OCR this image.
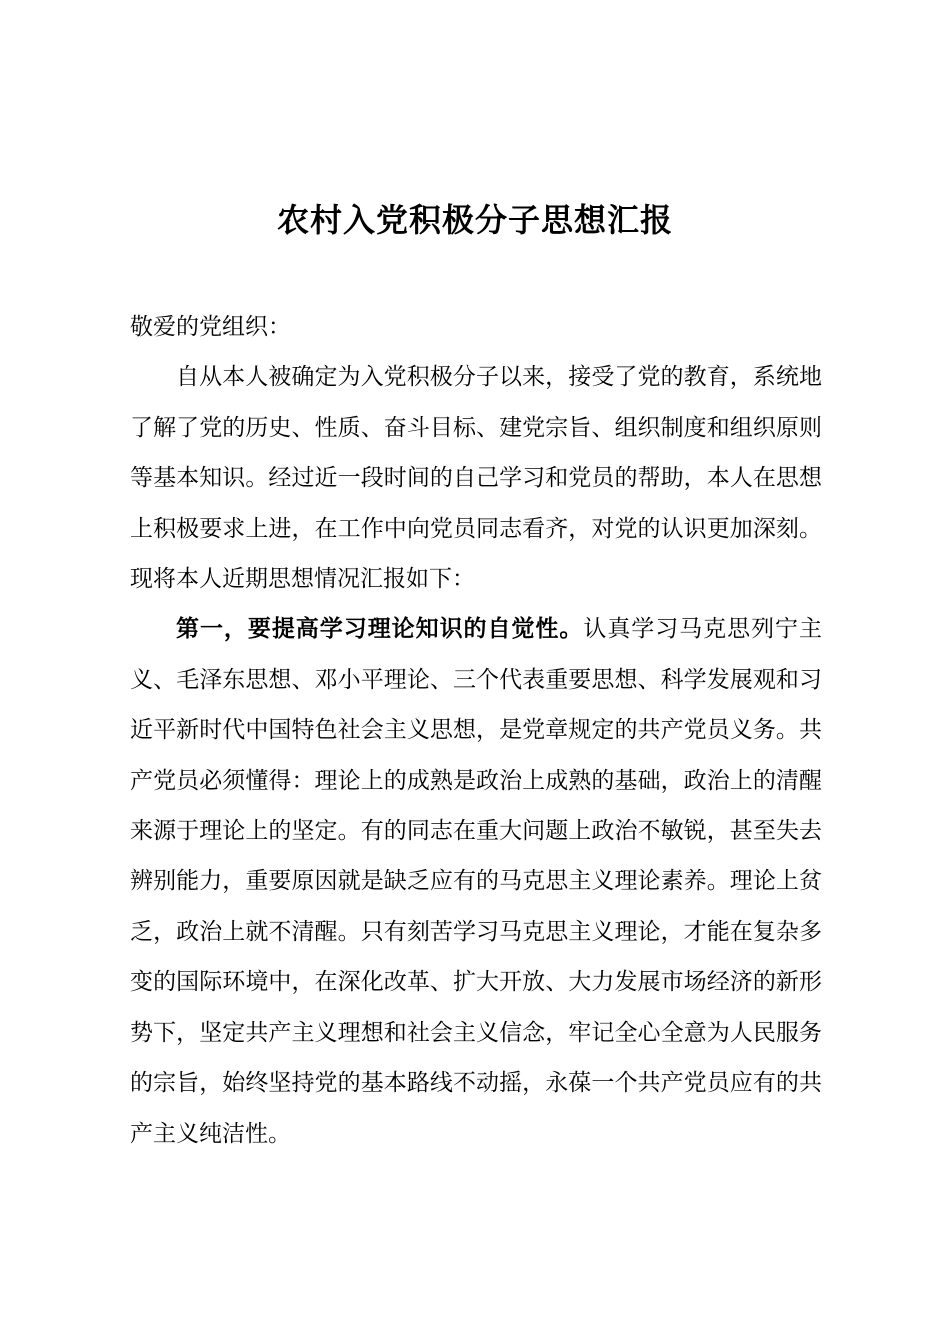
农村入党积极分子思想汇报

敬爱的党组织：

自从本人被确定为入党积极分子以来，接受了党的教育，系统地了解了党的历史、性质、奋斗目标、建党宗旨、组织制度和组织原则等基本知识。经过近一段时间的自己学习和党员的帮助，本人在思想上积极要求上进，在工作中向党员同志看齐，对党的认识更加深刻。现将本人近期思想情况汇报如下：

第一，要提高学习理论知识的自觉性。认真学习马克思列宁主义、毛泽东思想、邓小平理论、三个代表重要思想、科学发展观和习近平新时代中国特色社会主义思想，是党章规定的共产党员义务。共产党员必须懂得：理论上的成熟是政治上成熟的基础，政治上的清醒来源于理论上的坚定。有的同志在重大问题上政治不敏锐，甚至失去辨别能力，重要原因就是缺乏应有的马克思主义理论素养。理论上贫乏，政治上就不清醒。只有刻苦学习马克思主义理论，才能在复杂多变的国际环境中，在深化改革、扩大开放、大力发展市场经济的新形势下，坚定共产主义理想和社会主义信念，牢记全心全意为人民服务的宗旨，始终坚持党的基本路线不动摇，永葆一个共产党员应有的共产主义纯洁性。
